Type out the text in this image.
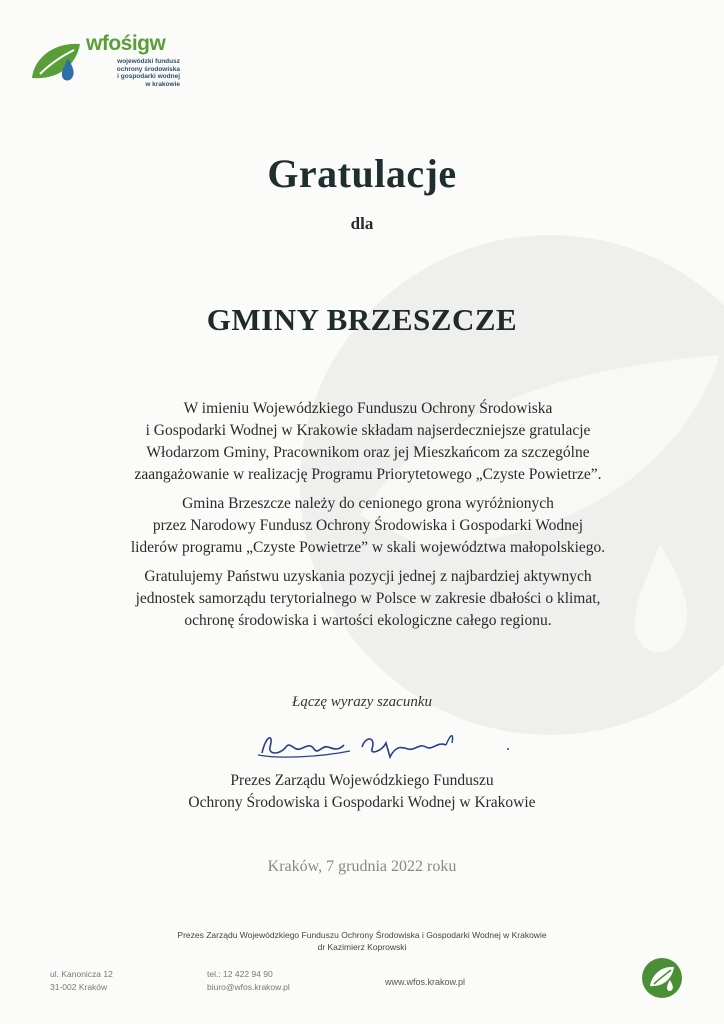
wfośigw
wojewódzki fundusz
ochrony środowiska
i gospodarki wodnej
w krakowie
Gratulacje
dla
GMINY BRZESZCZE
W imieniu Wojewódzkiego Funduszu Ochrony Środowiska
i Gospodarki Wodnej w Krakowie składam najserdeczniejsze gratulacje
Włodarzom Gminy, Pracownikom oraz jej Mieszkańcom za szczególne
zaangażowanie w realizację Programu Priorytetowego „Czyste Powietrze”.
Gmina Brzeszcze należy do cenionego grona wyróżnionych
przez Narodowy Fundusz Ochrony Środowiska i Gospodarki Wodnej
liderów programu „Czyste Powietrze” w skali województwa małopolskiego.
Gratulujemy Państwu uzyskania pozycji jednej z najbardziej aktywnych
jednostek samorządu terytorialnego w Polsce w zakresie dbałości o klimat,
ochronę środowiska i wartości ekologiczne całego regionu.
Łączę wyrazy szacunku
Prezes Zarządu Wojewódzkiego Funduszu
Ochrony Środowiska i Gospodarki Wodnej w Krakowie
Kraków, 7 grudnia 2022 roku
Prezes Zarządu Wojewódzkiego Funduszu Ochrony Środowiska i Gospodarki Wodnej w Krakowie
dr Kazimierz Koprowski
ul. Kanonicza 12
31-002 Kraków
tel.: 12 422 94 90
biuro@wfos.krakow.pl	www.wfos.krakow.pl
